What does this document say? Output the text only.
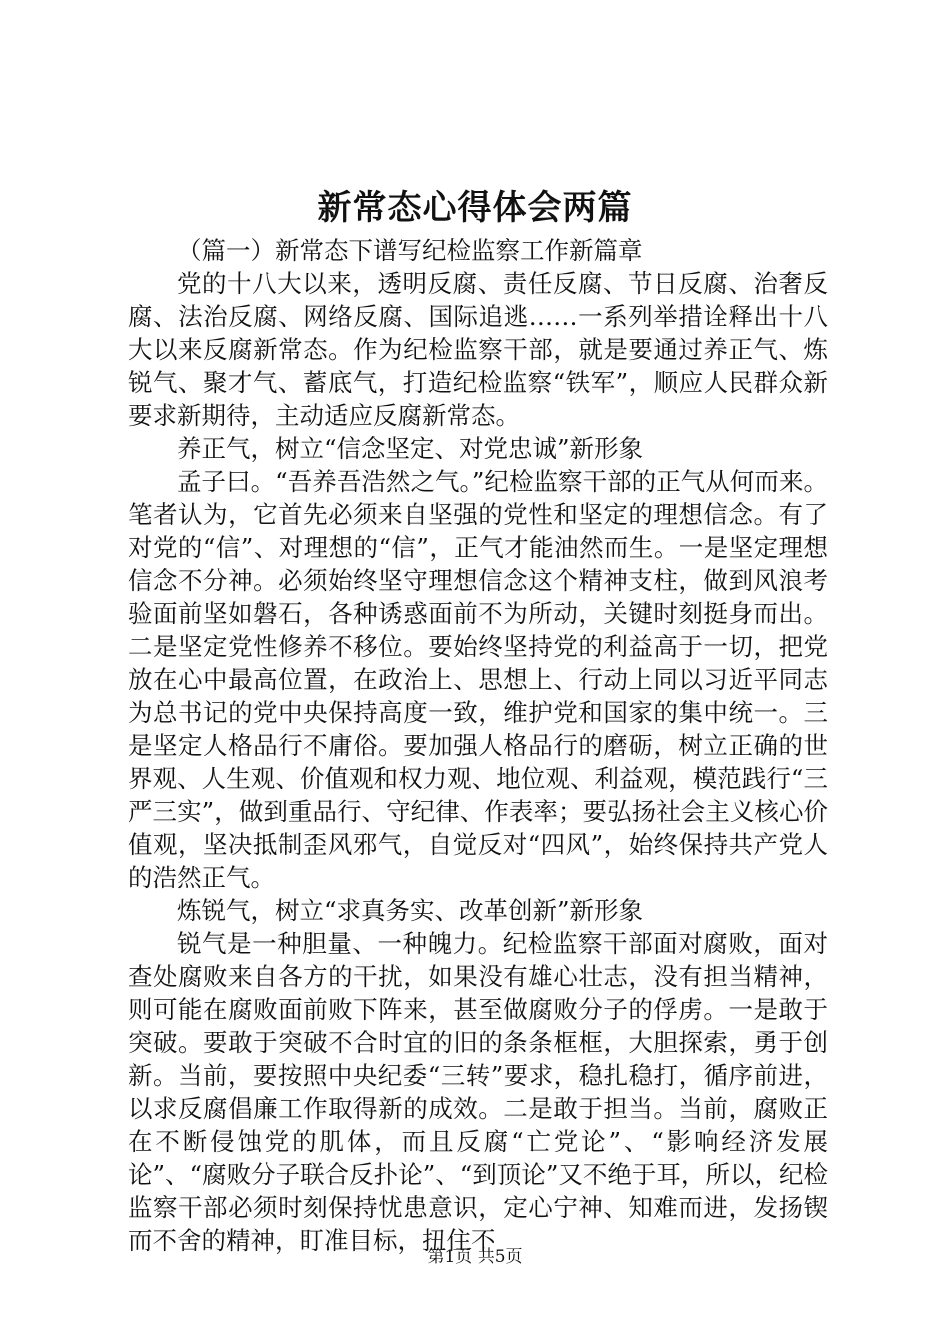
新常态心得体会两篇

（篇一）新常态下谱写纪检监察工作新篇章

党的十八大以来，透明反腐、责任反腐、节日反腐、治奢反腐、法治反腐、网络反腐、国际追逃……一系列举措诠释出十八大以来反腐新常态。作为纪检监察干部，就是要通过养正气、炼锐气、聚才气、蓄底气，打造纪检监察“铁军”，顺应人民群众新要求新期待，主动适应反腐新常态。

养正气，树立“信念坚定、对党忠诚”新形象

孟子曰。“吾养吾浩然之气。”纪检监察干部的正气从何而来。笔者认为，它首先必须来自坚强的党性和坚定的理想信念。有了对党的“信”、对理想的“信”，正气才能油然而生。一是坚定理想信念不分神。必须始终坚守理想信念这个精神支柱，做到风浪考验面前坚如磐石，各种诱惑面前不为所动，关键时刻挺身而出。二是坚定党性修养不移位。要始终坚持党的利益高于一切，把党放在心中最高位置，在政治上、思想上、行动上同以习近平同志为总书记的党中央保持高度一致，维护党和国家的集中统一。三是坚定人格品行不庸俗。要加强人格品行的磨砺，树立正确的世界观、人生观、价值观和权力观、地位观、利益观，模范践行“三严三实”，做到重品行、守纪律、作表率；要弘扬社会主义核心价值观，坚决抵制歪风邪气，自觉反对“四风”，始终保持共产党人的浩然正气。

炼锐气，树立“求真务实、改革创新”新形象

锐气是一种胆量、一种魄力。纪检监察干部面对腐败，面对查处腐败来自各方的干扰，如果没有雄心壮志，没有担当精神，则可能在腐败面前败下阵来，甚至做腐败分子的俘虏。一是敢于突破。要敢于突破不合时宜的旧的条条框框，大胆探索，勇于创新。当前，要按照中央纪委“三转”要求，稳扎稳打，循序前进，以求反腐倡廉工作取得新的成效。二是敢于担当。当前，腐败正在不断侵蚀党的肌体，而且反腐“亡党论”、“影响经济发展论”、“腐败分子联合反扑论”、“到顶论”又不绝于耳，所以，纪检监察干部必须时刻保持忧患意识，定心宁神、知难而进，发扬锲而不舍的精神，盯准目标，扭住不

第1页 共5页
